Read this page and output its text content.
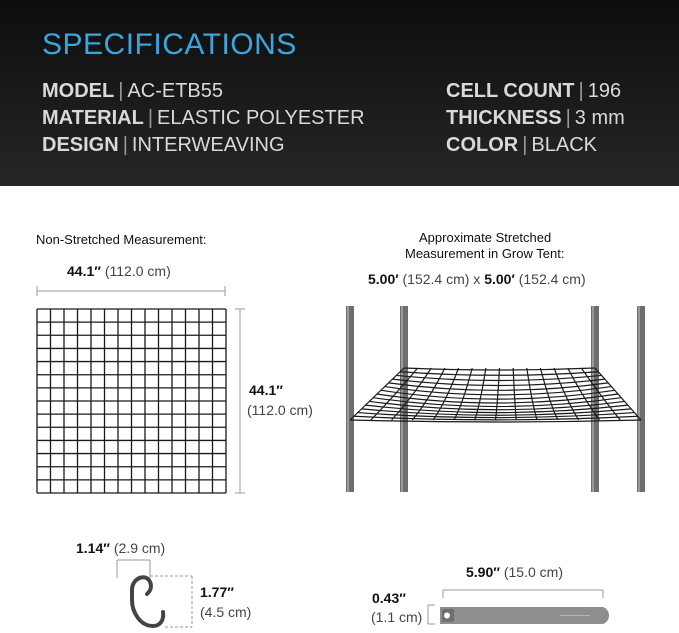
SPECIFICATIONS
MODEL | AC-ETB55
MATERIAL | ELASTIC POLYESTER
DESIGN | INTERWEAVING
CELL COUNT | 196
THICKNESS | 3 mm
COLOR | BLACK
Non-Stretched Measurement:
44.1″ (112.0 cm)
44.1″
(112.0 cm)
Approximate Stretched
Measurement in Grow Tent:
5.00′ (152.4 cm) x 5.00′ (152.4 cm)
1.14″ (2.9 cm)
1.77″
(4.5 cm)
5.90″ (15.0 cm)
0.43″
(1.1 cm)
